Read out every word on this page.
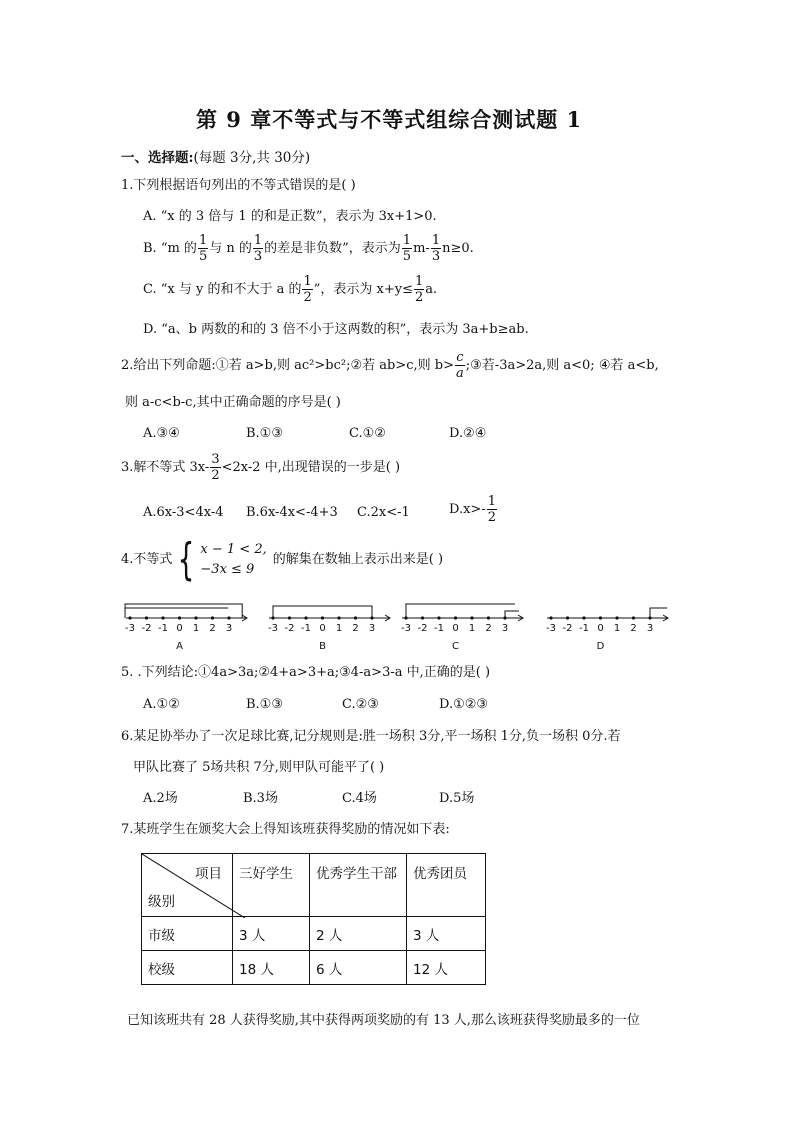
第 9 章不等式与不等式组综合测试题 1
一、选择题:(每题 3分,共 30分)
1.下列根据语句列出的不等式错误的是( )
A. “x 的 3 倍与 1 的和是正数”，表示为 3x+1>0.
B. “m 的 $\frac{1}{5}$ 与 n 的 $\frac{1}{3}$ 的差是非负数”，表示为 $\frac{1}{5} m- \frac{1}{3} n\ge 0$.
C. “x 与 y 的和不大于 a 的 $\frac{1}{2}$ ”，表示为 $x+y\le \frac{1}{2} a$.
D. “a、b 两数的和的 3 倍不小于这两数的积”，表示为 3a+b≥ab.
2.给出下列命题:①若 a>b,则 ac²>bc²;②若 ab>c,则 $b> \frac{c}{a}$ ;③若-3a>2a,则 a<0; ④若 a<b,
则 a-c<b-c,其中正确命题的序号是( )
A.③④	B.①③	C.①②	D.②④
3.解不等式 $3x- \frac{3}{2} <2x-2$ 中,出现错误的一步是( )
A.6x-3<4x-4 B.6x-4x<-4+3 C.2x<-1	$D.x>- \frac{1}{2}$
4.不等式 { x − 1 < 2,
−3x ≤ 9
的解集在数轴上表示出来是( )
-3 -2 -1 0 1 2 3
A
-3 -2 -1 0 1 2 3
B
-3 -2 -1 0 1 2 3
C
-3 -2 -1 0 1 2 3
D
5. .下列结论:①4a>3a;②4+a>3+a;③4-a>3-a 中,正确的是( )
A.①②	B.①③	C.②③	D.①②③
6.某足协举办了一次足球比赛,记分规则是:胜一场积 3分,平一场积 1分,负一场积 0分.若
甲队比赛了 5场共积 7分,则甲队可能平了( )
A.2场	B.3场	C.4场	D.5场
7.某班学生在颁奖大会上得知该班获得奖励的情况如下表:
项目
级别	三好学生	优秀学生干部	优秀团员
市级	3 人	2 人	3 人
校级	18 人	6 人	12 人
已知该班共有 28 人获得奖励,其中获得两项奖励的有 13 人,那么该班获得奖励最多的一位
